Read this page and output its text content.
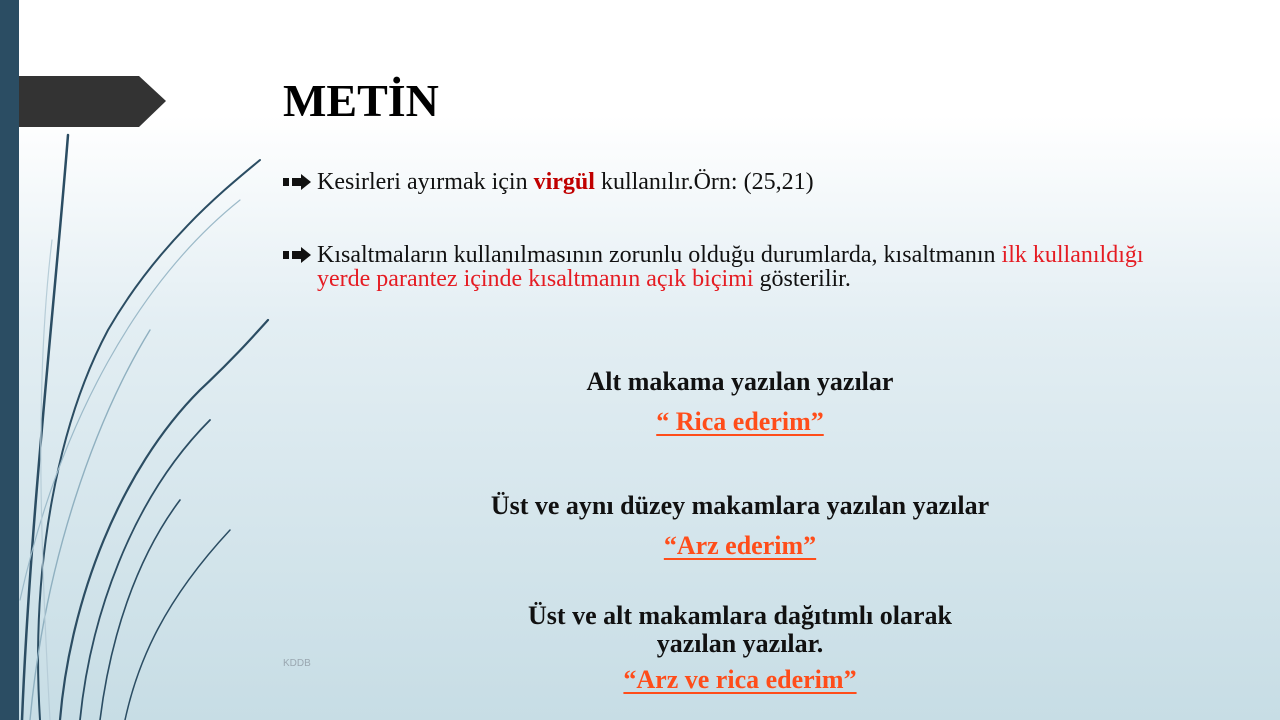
METİN
Kesirleri ayırmak için virgül kullanılır.Örn: (25,21)
Kısaltmaların kullanılmasının zorunlu olduğu durumlarda, kısaltmanın ilk kullanıldığı yerde parantez içinde kısaltmanın açık biçimi gösterilir.
Alt makama yazılan yazılar
“ Rica ederim”
Üst ve aynı düzey makamlara yazılan yazılar
“Arz ederim”
Üst ve alt makamlara dağıtımlı olarak
yazılan yazılar.
“Arz ve rica ederim”
KDDB
